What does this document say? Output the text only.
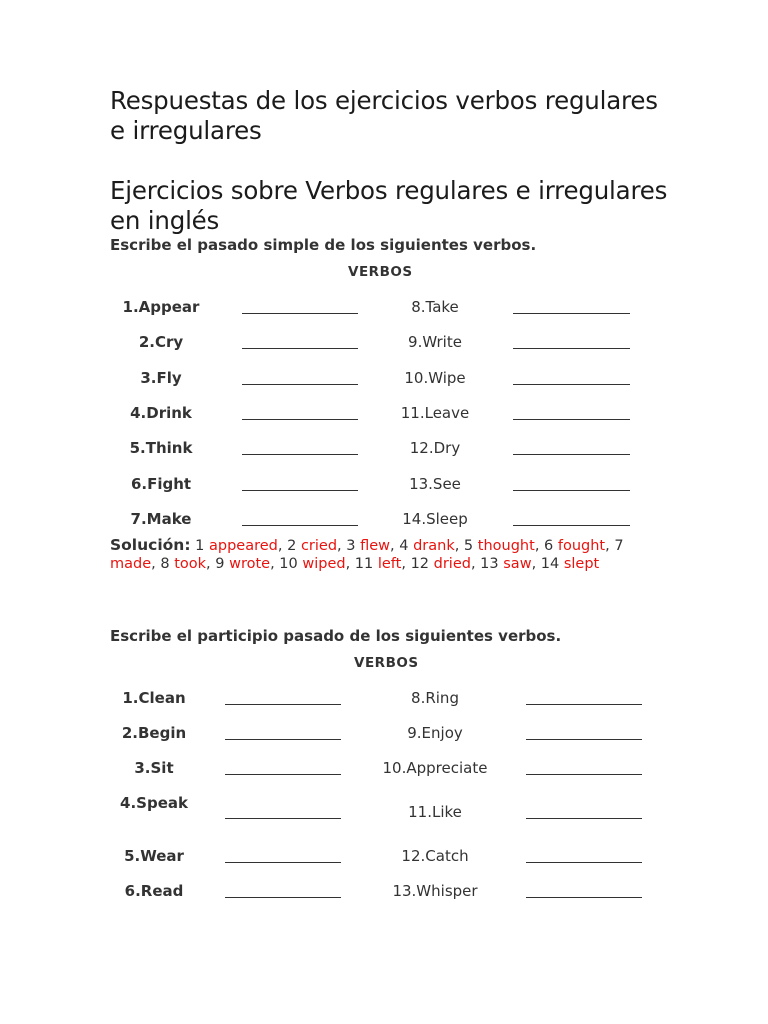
Respuestas de los ejercicios verbos regulares e irregulares
Ejercicios sobre Verbos regulares e irregulares en inglés

Escribe el pasado simple de los siguientes verbos.

VERBOS
1.Appear
2.Cry
3.Fly
4.Drink
5.Think
6.Fight
7.Make
8.Take
9.Write
10.Wipe
11.Leave
12.Dry
13.See
14.Sleep
Solución: 1 appeared, 2 cried, 3 flew, 4 drank, 5 thought, 6 fought, 7 made, 8 took, 9 wrote, 10 wiped, 11 left, 12 dried, 13 saw, 14 slept

Escribe el participio pasado de los siguientes verbos.

VERBOS
1.Clean
2.Begin
3.Sit
4.Speak
5.Wear
6.Read
8.Ring
9.Enjoy
10.Appreciate
11.Like
12.Catch
13.Whisper
